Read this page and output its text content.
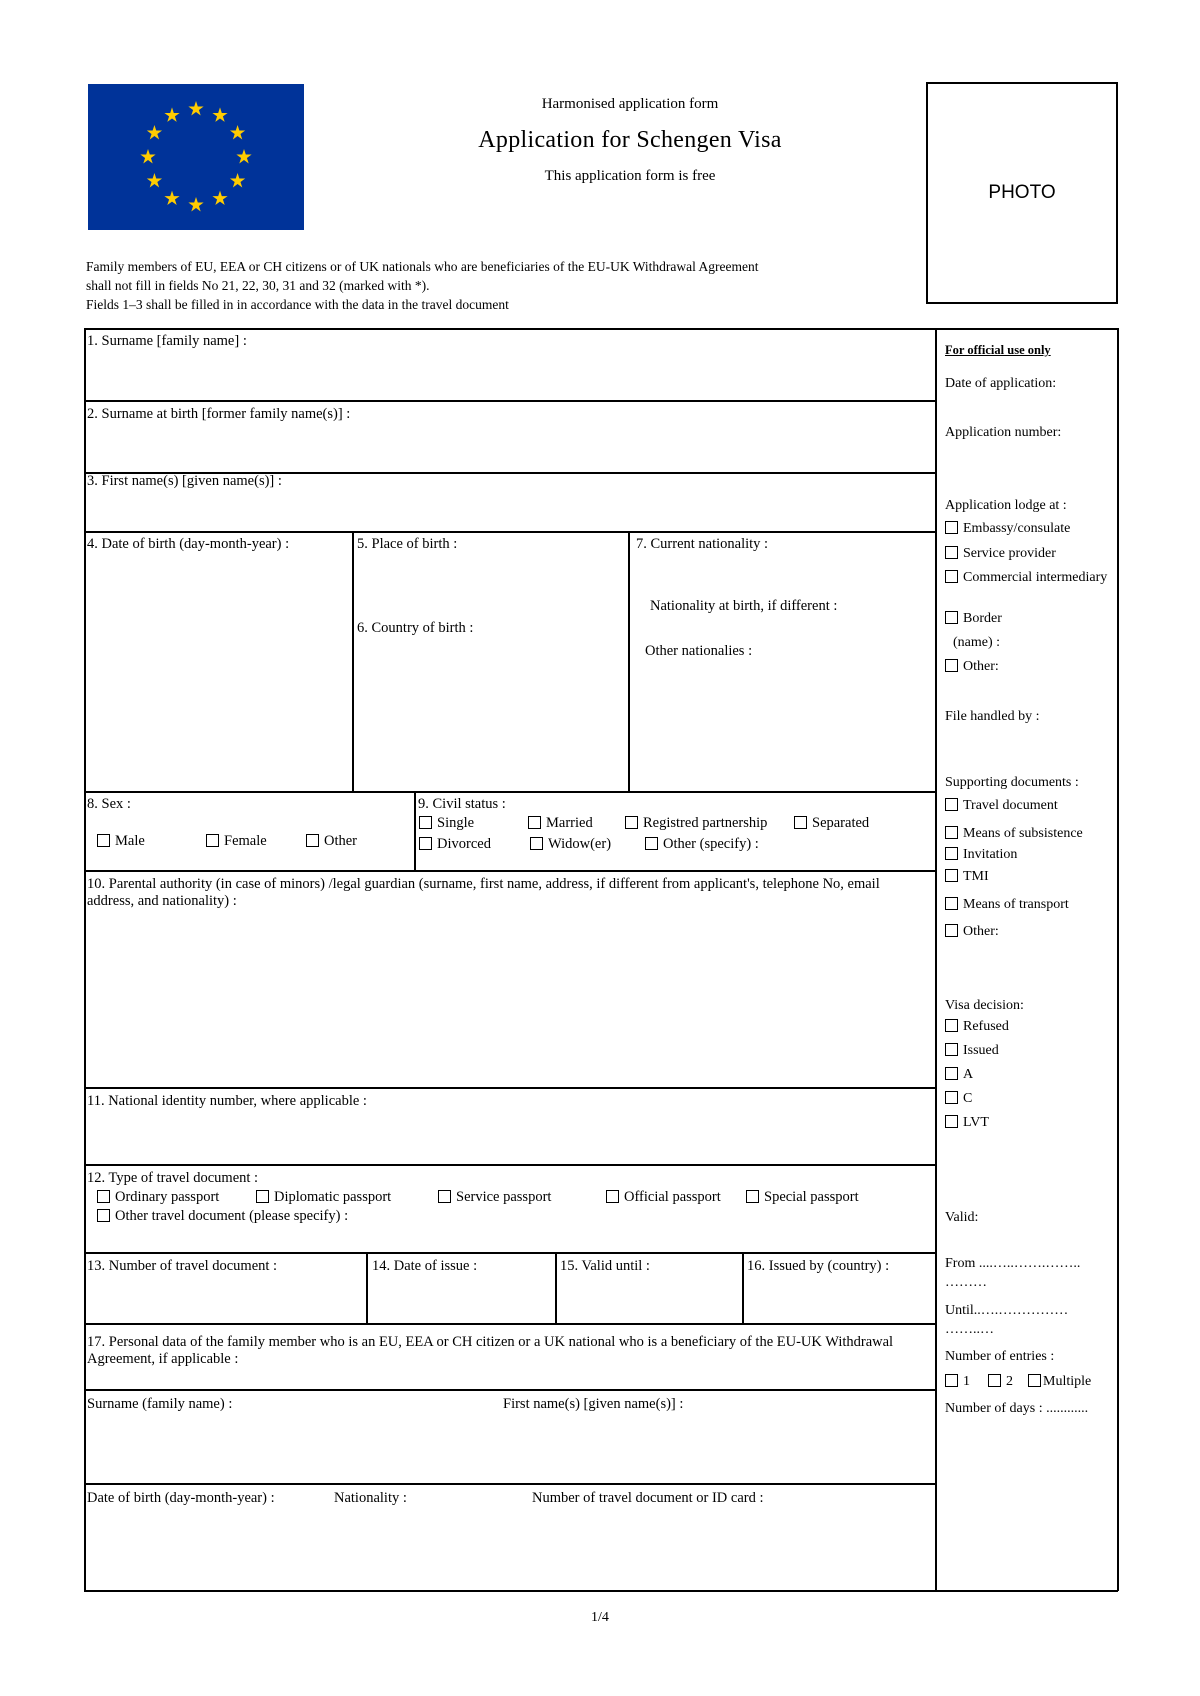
Harmonised application form
Application for Schengen Visa
This application form is free
PHOTO
Family members of EU, EEA or CH citizens or of UK nationals who are beneficiaries of the EU-UK Withdrawal Agreement
shall not fill in fields No 21, 22, 30, 31 and 32 (marked with *).
Fields 1–3 shall be filled in in accordance with the data in the travel document
1. Surname [family name] :
2. Surname at birth [former family name(s)] :
3. First name(s) [given name(s)] :
4. Date of birth (day-month-year) :	5. Place of birth :
6. Country of birth :
7. Current nationality :
Nationality at birth, if different :
Other nationalies :
8. Sex :
Male	Female	Other
9. Civil status :
Single	Married	Registred partnership	Separated
Divorced	Widow(er)	Other (specify) :
10. Parental authority (in case of minors) /legal guardian (surname, first name, address, if different from applicant's, telephone No, email address, and nationality) :
11. National identity number, where applicable :
12. Type of travel document :
Ordinary passport	Diplomatic passport	Service passport	Official passport	Special passport
Other travel document (please specify) :
13. Number of travel document :	14. Date of issue :	15. Valid until :	16. Issued by (country) :
17. Personal data of the family member who is an EU, EEA or CH citizen or a UK national who is a beneficiary of the EU-UK Withdrawal Agreement, if applicable :
Surname (family name) :	First name(s) [given name(s)] :
Date of birth (day-month-year) :	Nationality :	Number of travel document or ID card :
For official use only
Date of application:
Application number:
Application lodge at :
Embassy/consulate
Service provider
Commercial intermediary
Border
(name) :
Other:
File handled by :
Supporting documents :
Travel document
Means of subsistence
Invitation
TMI
Means of transport
Other:
Visa decision:
Refused
Issued
A
C
LVT
Valid:
From ....…..…….……..
………
Until..….……………
……..…
Number of entries :
1	2	Multiple
Number of days : ............
1/4
